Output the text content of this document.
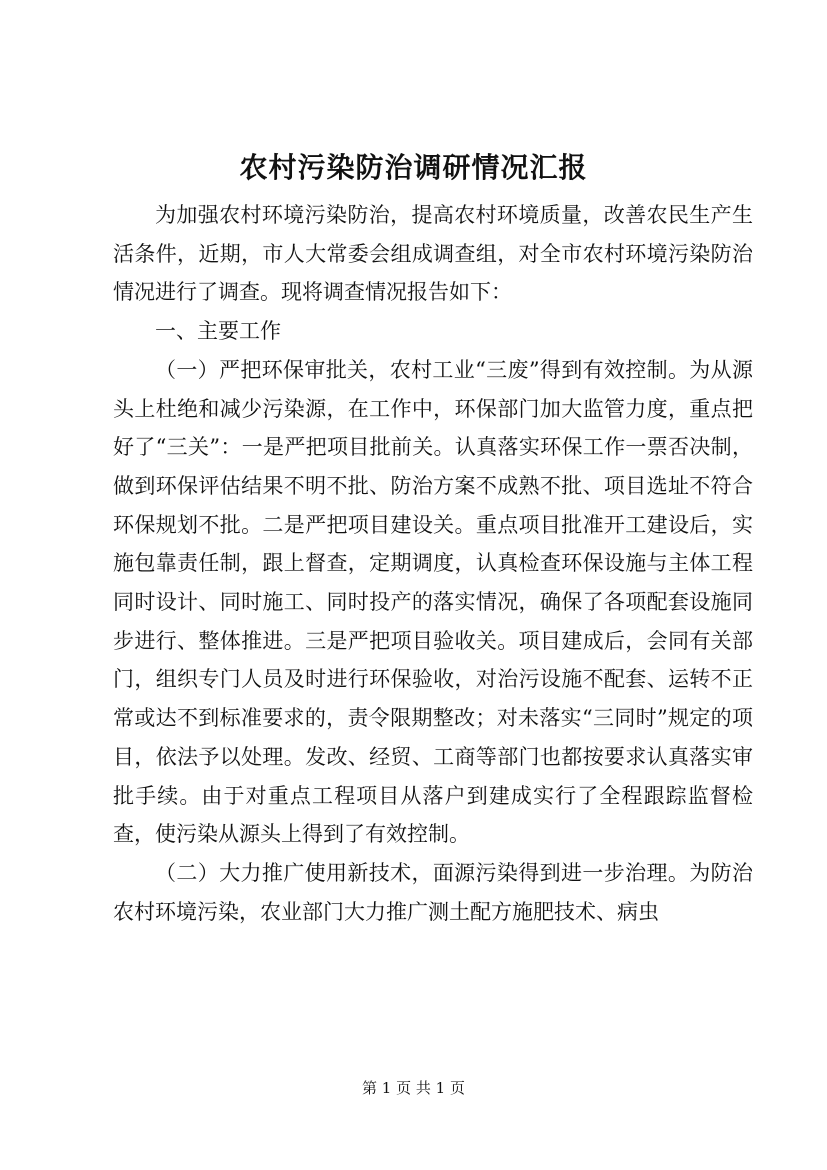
农村污染防治调研情况汇报

为加强农村环境污染防治，提高农村环境质量，改善农民生产生活条件，近期，市人大常委会组成调查组，对全市农村环境污染防治情况进行了调查。现将调查情况报告如下：

一、主要工作

（一）严把环保审批关，农村工业“三废”得到有效控制。为从源头上杜绝和减少污染源，在工作中，环保部门加大监管力度，重点把好了“三关”：一是严把项目批前关。认真落实环保工作一票否决制，做到环保评估结果不明不批、防治方案不成熟不批、项目选址不符合环保规划不批。二是严把项目建设关。重点项目批准开工建设后，实施包靠责任制，跟上督查，定期调度，认真检查环保设施与主体工程同时设计、同时施工、同时投产的落实情况，确保了各项配套设施同步进行、整体推进。三是严把项目验收关。项目建成后，会同有关部门，组织专门人员及时进行环保验收，对治污设施不配套、运转不正常或达不到标准要求的，责令限期整改；对未落实“三同时”规定的项目，依法予以处理。发改、经贸、工商等部门也都按要求认真落实审批手续。由于对重点工程项目从落户到建成实行了全程跟踪监督检查，使污染从源头上得到了有效控制。

（二）大力推广使用新技术，面源污染得到进一步治理。为防治农村环境污染，农业部门大力推广测土配方施肥技术、病虫

第 1 页 共 1 页
